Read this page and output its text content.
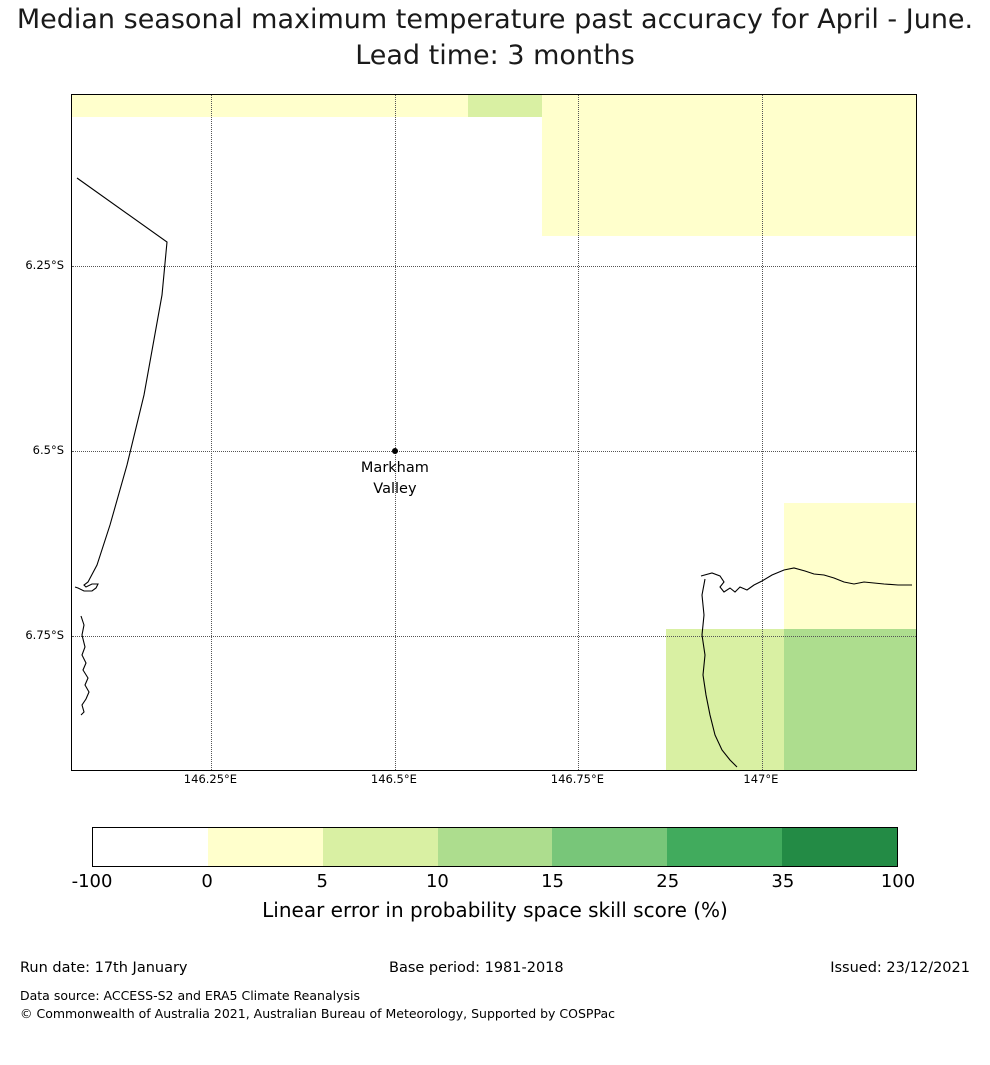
Median seasonal maximum temperature past accuracy for April - June. Lead time: 3 months
Markham
Valley
146.25°E	146.5°E	146.75°E	147°E
6.25°S
6.5°S
6.75°S
-100	0	5	10	15	25	35	100
Linear error in probability space skill score (%)
Run date: 17th January	Base period: 1981-2018	Issued: 23/12/2021
Data source: ACCESS-S2 and ERA5 Climate Reanalysis
© Commonwealth of Australia 2021, Australian Bureau of Meteorology, Supported by COSPPac
